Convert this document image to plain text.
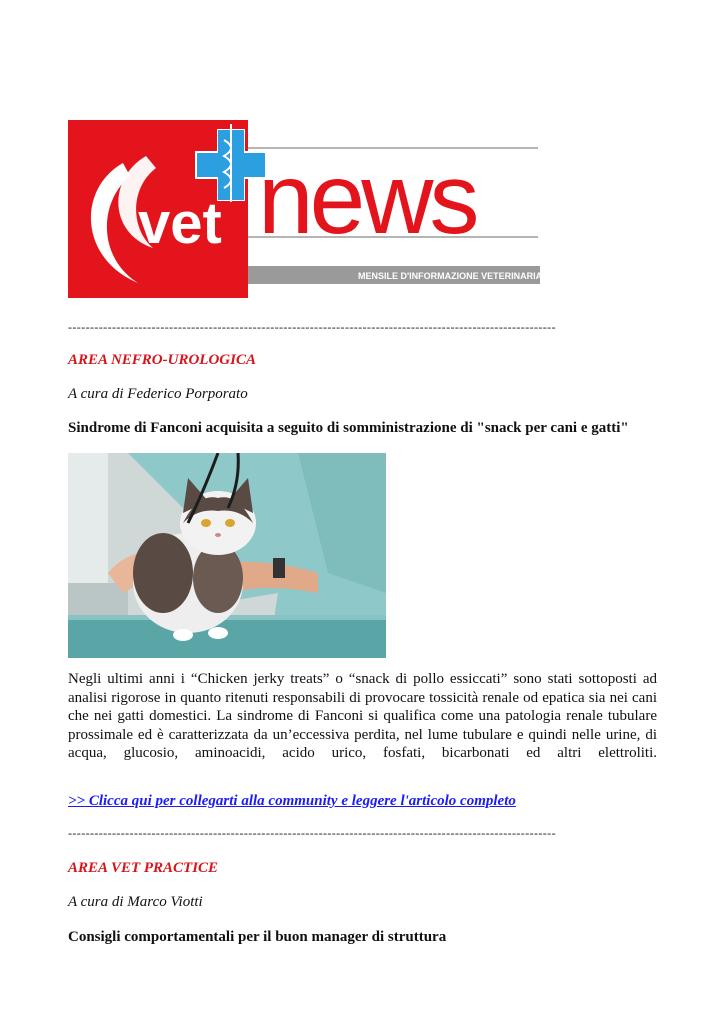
MENSILE D'INFORMAZIONE VETERINARIA
vet news
---------------------------------------------------------------------------------------------------------------
AREA NEFRO-UROLOGICA
A cura di Federico Porporato
Sindrome di Fanconi acquisita a seguito di somministrazione di "snack per cani e gatti"
Negli ultimi anni i “Chicken jerky treats” o “snack di pollo essiccati” sono stati sottoposti ad analisi rigorose in quanto ritenuti responsabili di provocare tossicità renale od epatica sia nei cani che nei gatti domestici. La sindrome di Fanconi si qualifica come una patologia renale tubulare prossimale ed è caratterizzata da un’eccessiva perdita, nel lume tubulare e quindi nelle urine, di acqua, glucosio, aminoacidi, acido urico, fosfati, bicarbonati ed altri elettroliti.
>> Clicca qui per collegarti alla community e leggere l'articolo completo
---------------------------------------------------------------------------------------------------------------
AREA VET PRACTICE
A cura di Marco Viotti
Consigli comportamentali per il buon manager di struttura
